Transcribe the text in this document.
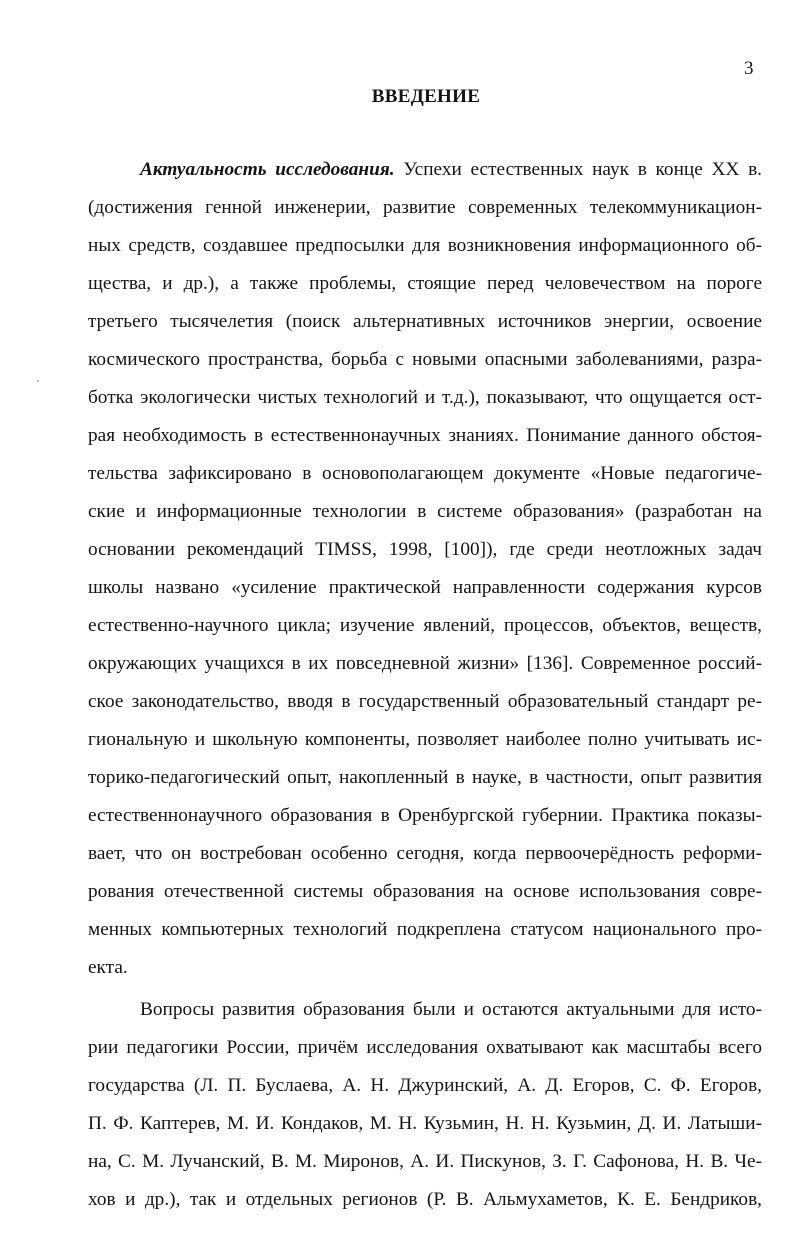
3
ВВЕДЕНИЕ
Актуальность исследования. Успехи естественных наук в конце XX в.
(достижения генной инженерии, развитие современных телекоммуникацион-
ных средств, создавшее предпосылки для возникновения информационного об-
щества, и др.), а также проблемы, стоящие перед человечеством на пороге
третьего тысячелетия (поиск альтернативных источников энергии, освоение
космического пространства, борьба с новыми опасными заболеваниями, разра-
ботка экологически чистых технологий и т.д.), показывают, что ощущается ост-
рая необходимость в естественнонаучных знаниях. Понимание данного обстоя-
тельства зафиксировано в основополагающем документе «Новые педагогиче-
ские и информационные технологии в системе образования» (разработан на
основании рекомендаций TIMSS, 1998, [100]), где среди неотложных задач
школы названо «усиление практической направленности содержания курсов
естественно-научного цикла; изучение явлений, процессов, объектов, веществ,
окружающих учащихся в их повседневной жизни» [136]. Современное россий-
ское законодательство, вводя в государственный образовательный стандарт ре-
гиональную и школьную компоненты, позволяет наиболее полно учитывать ис-
торико-педагогический опыт, накопленный в науке, в частности, опыт развития
естественнонаучного образования в Оренбургской губернии. Практика показы-
вает, что он востребован особенно сегодня, когда первоочерёдность реформи-
рования отечественной системы образования на основе использования совре-
менных компьютерных технологий подкреплена статусом национального про-
екта.
Вопросы развития образования были и остаются актуальными для исто-
рии педагогики России, причём исследования охватывают как масштабы всего
государства (Л. П. Буслаева, А. Н. Джуринский, А. Д. Егоров, С. Ф. Егоров,
П. Ф. Каптерев, М. И. Кондаков, М. Н. Кузьмин, Н. Н. Кузьмин, Д. И. Латыши-
на, С. М. Лучанский, В. М. Миронов, А. И. Пискунов, З. Г. Сафонова, Н. В. Че-
хов и др.), так и отдельных регионов (Р. В. Альмухаметов, К. Е. Бендриков,
